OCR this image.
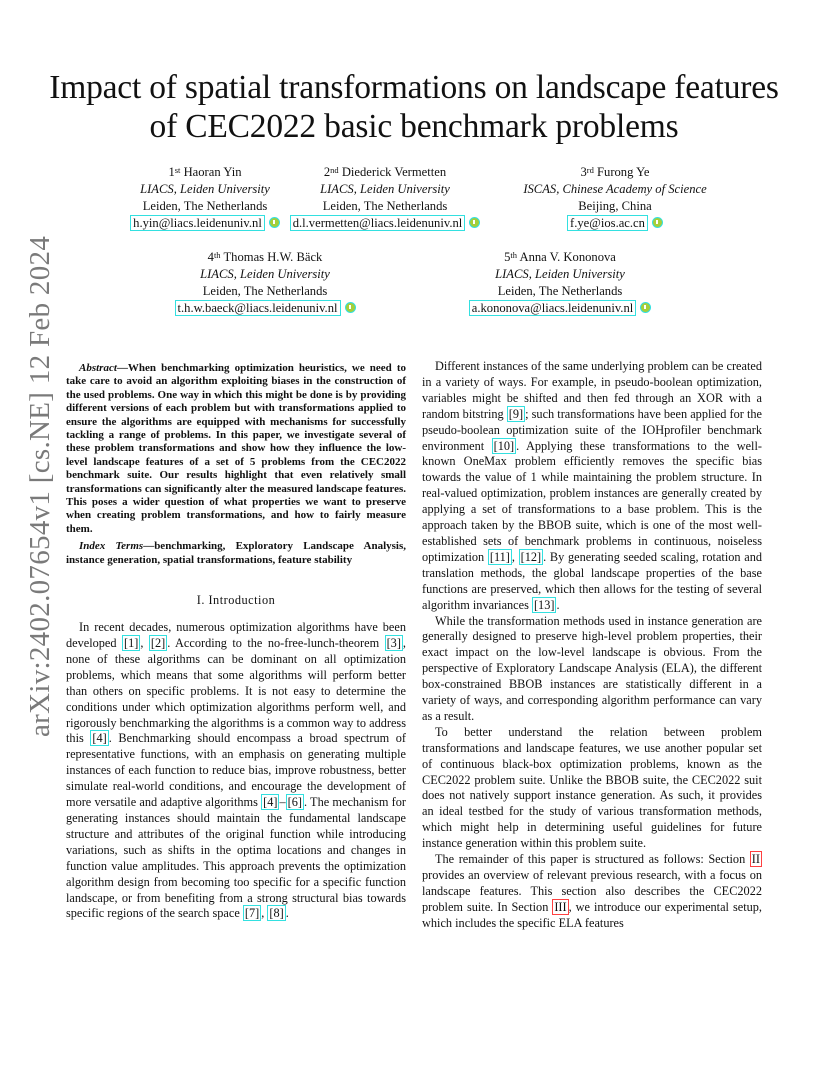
arXiv:2402.07654v1 [cs.NE] 12 Feb 2024
Impact of spatial transformations on landscape features of CEC2022 basic benchmark problems
1st Haoran Yin
LIACS, Leiden University
Leiden, The Netherlands
h.yin@liacs.leidenuniv.nl
2nd Diederick Vermetten
LIACS, Leiden University
Leiden, The Netherlands
d.l.vermetten@liacs.leidenuniv.nl
3rd Furong Ye
ISCAS, Chinese Academy of Science
Beijing, China
f.ye@ios.ac.cn
4th Thomas H.W. Bäck
LIACS, Leiden University
Leiden, The Netherlands
t.h.w.baeck@liacs.leidenuniv.nl
5th Anna V. Kononova
LIACS, Leiden University
Leiden, The Netherlands
a.kononova@liacs.leidenuniv.nl

Abstract—When benchmarking optimization heuristics, we need to take care to avoid an algorithm exploiting biases in the construction of the used problems. One way in which this might be done is by providing different versions of each problem but with transformations applied to ensure the algorithms are equipped with mechanisms for successfully tackling a range of problems. In this paper, we investigate several of these problem transformations and show how they influence the low-level landscape features of a set of 5 problems from the CEC2022 benchmark suite. Our results highlight that even relatively small transformations can significantly alter the measured landscape features. This poses a wider question of what properties we want to preserve when creating problem transformations, and how to fairly measure them.

Index Terms—benchmarking, Exploratory Landscape Analysis, instance generation, spatial transformations, feature stability

I. Introduction

In recent decades, numerous optimization algorithms have been developed [1] , [2] . According to the no-free-lunch-theorem [3] , none of these algorithms can be dominant on all optimization problems, which means that some algorithms will perform better than others on specific problems. It is not easy to determine the conditions under which optimization algorithms perform well, and rigorously benchmarking the algorithms is a common way to address this [4] . Benchmarking should encompass a broad spectrum of representative functions, with an emphasis on generating multiple instances of each function to reduce bias, improve robustness, better simulate real-world conditions, and encourage the development of more versatile and adaptive algorithms [4] – [6] . The mechanism for generating instances should maintain the fundamental landscape structure and attributes of the original function while introducing variations, such as shifts in the optima locations and changes in function value amplitudes. This approach prevents the optimization algorithm design from becoming too specific for a specific function landscape, or from benefiting from a strong structural bias towards specific regions of the search space [7] , [8] .

Different instances of the same underlying problem can be created in a variety of ways. For example, in pseudo-boolean optimization, variables might be shifted and then fed through an XOR with a random bitstring [9] ; such transformations have been applied for the pseudo-boolean optimization suite of the IOHprofiler benchmark environment [10] . Applying these transformations to the well-known OneMax problem efficiently removes the specific bias towards the value of 1 while maintaining the problem structure. In real-valued optimization, problem instances are generally created by applying a set of transformations to a base problem. This is the approach taken by the BBOB suite, which is one of the most well-established sets of benchmark problems in continuous, noiseless optimization [11] , [12] . By generating seeded scaling, rotation and translation methods, the global landscape properties of the base functions are preserved, which then allows for the testing of several algorithm invariances [13] .

While the transformation methods used in instance generation are generally designed to preserve high-level problem properties, their exact impact on the low-level landscape is obvious. From the perspective of Exploratory Landscape Analysis (ELA), the different box-constrained BBOB instances are statistically different in a variety of ways, and corresponding algorithm performance can vary as a result.

To better understand the relation between problem transformations and landscape features, we use another popular set of continuous black-box optimization problems, known as the CEC2022 problem suite. Unlike the BBOB suite, the CEC2022 suit does not natively support instance generation. As such, it provides an ideal testbed for the study of various transformation methods, which might help in determining useful guidelines for future instance generation within this problem suite.

The remainder of this paper is structured as follows: Section II provides an overview of relevant previous research, with a focus on landscape features. This section also describes the CEC2022 problem suite. In Section III , we introduce our experimental setup, which includes the specific ELA features
